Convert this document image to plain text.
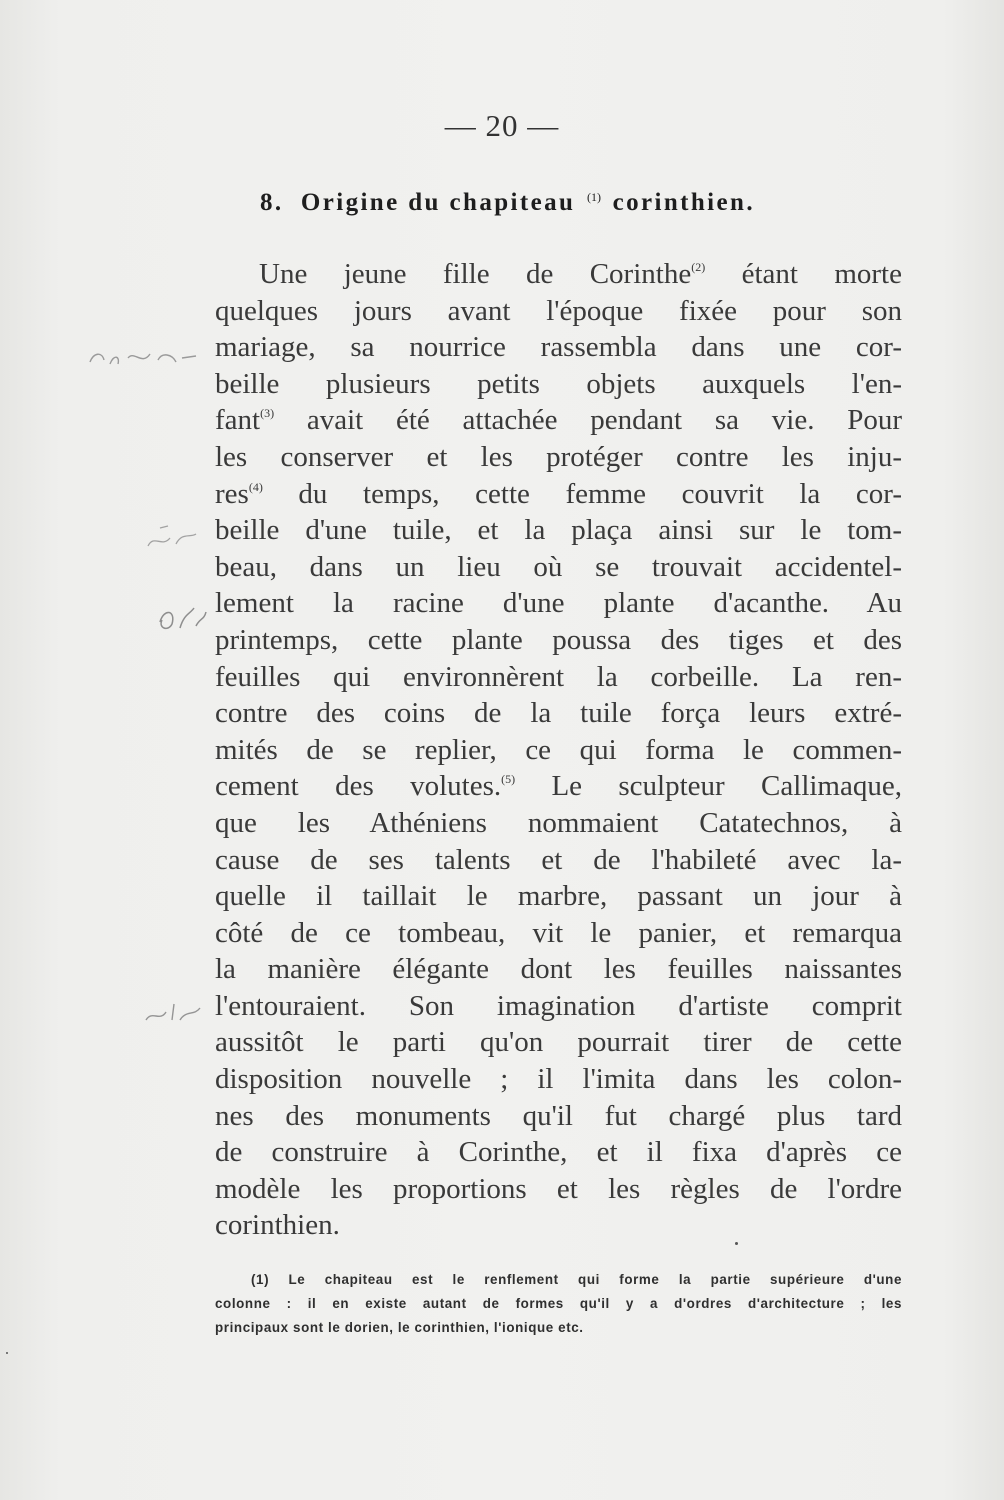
— 20 —
8. Origine du chapiteau $^{(1)}$ corinthien.
Une jeune fille de Corinthe$^{(2)}$ étant morte
quelques jours avant l'époque fixée pour son
mariage, sa nourrice rassembla dans une cor-
beille plusieurs petits objets auxquels l'en-
fant$^{(3)}$ avait été attachée pendant sa vie. Pour
les conserver et les protéger contre les inju-
res$^{(4)}$ du temps, cette femme couvrit la cor-
beille d'une tuile, et la plaça ainsi sur le tom-
beau, dans un lieu où se trouvait accidentel-
lement la racine d'une plante d'acanthe. Au
printemps, cette plante poussa des tiges et des
feuilles qui environnèrent la corbeille. La ren-
contre des coins de la tuile força leurs extré-
mités de se replier, ce qui forma le commen-
cement des volutes.$^{(5)}$ Le sculpteur Callimaque,
que les Athéniens nommaient Catatechnos, à
cause de ses talents et de l'habileté avec la-
quelle il taillait le marbre, passant un jour à
côté de ce tombeau, vit le panier, et remarqua
la manière élégante dont les feuilles naissantes
l'entouraient. Son imagination d'artiste comprit
aussitôt le parti qu'on pourrait tirer de cette
disposition nouvelle ; il l'imita dans les colon-
nes des monuments qu'il fut chargé plus tard
de construire à Corinthe, et il fixa d'après ce
modèle les proportions et les règles de l'ordre
corinthien.
(1) Le chapiteau est le renflement qui forme la partie supérieure d'une
colonne : il en existe autant de formes qu'il y a d'ordres d'architecture ; les
principaux sont le dorien, le corinthien, l'ionique etc.
